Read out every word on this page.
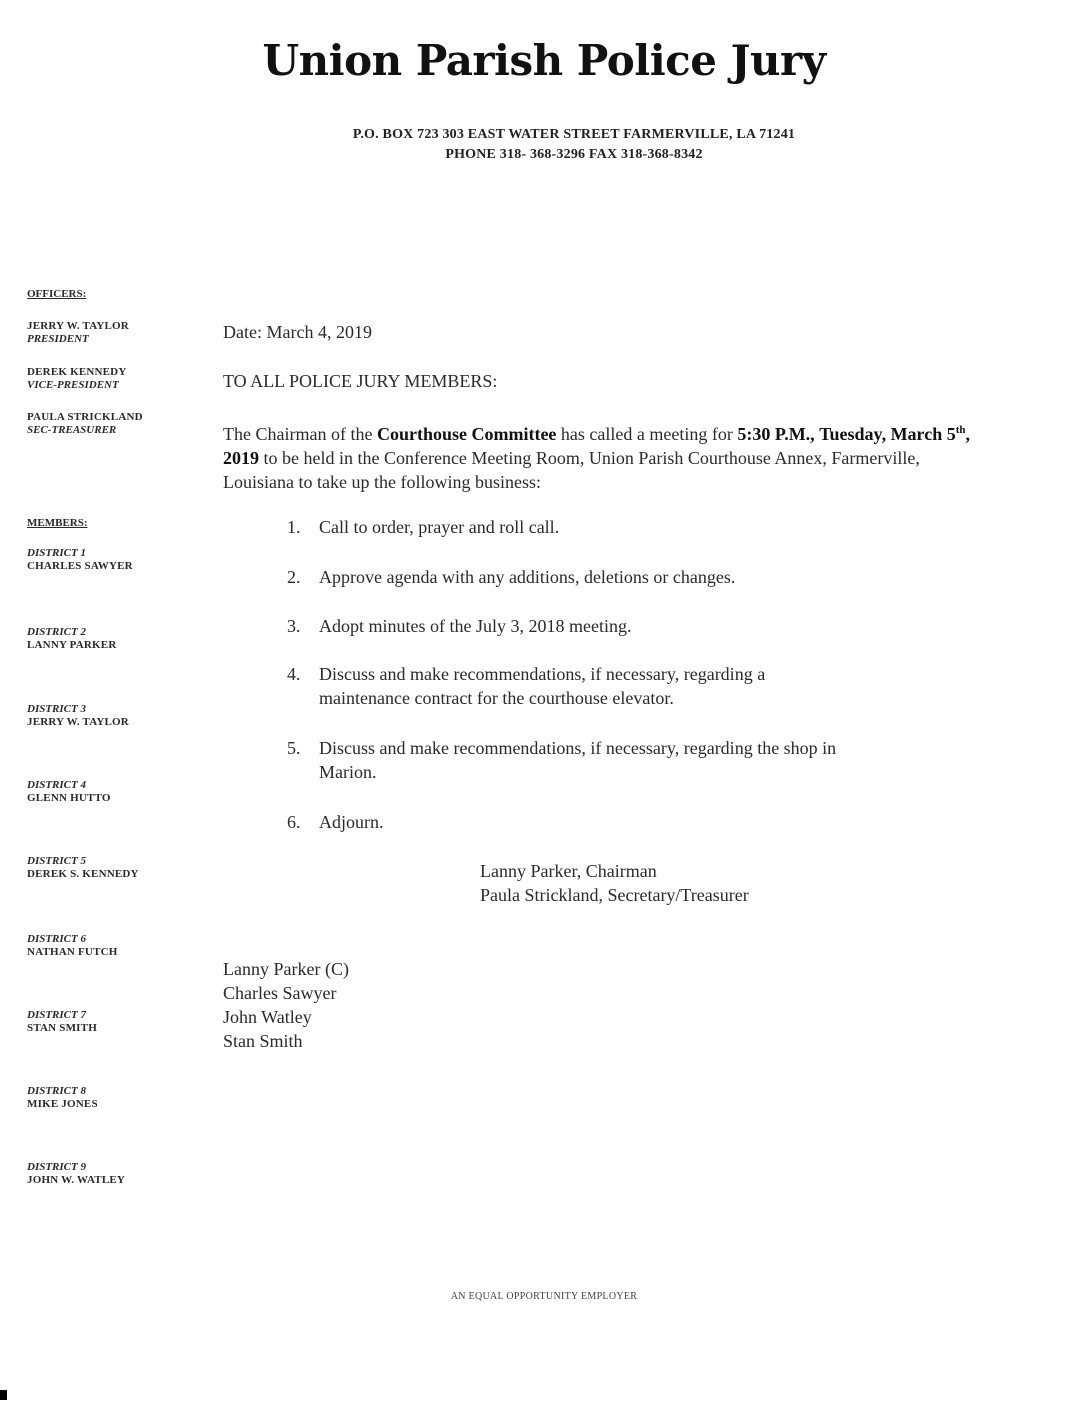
Union Parish Police Jury
P.O. BOX 723 303 EAST WATER STREET FARMERVILLE, LA 71241
PHONE 318- 368-3296 FAX 318-368-8342
OFFICERS:
JERRY W. TAYLOR
PRESIDENT
DEREK KENNEDY
VICE-PRESIDENT
PAULA STRICKLAND
SEC-TREASURER
MEMBERS:
DISTRICT 1
CHARLES SAWYER
DISTRICT 2
LANNY PARKER
DISTRICT 3
JERRY W. TAYLOR
DISTRICT 4
GLENN HUTTO
DISTRICT 5
DEREK S. KENNEDY
DISTRICT 6
NATHAN FUTCH
DISTRICT 7
STAN SMITH
DISTRICT 8
MIKE JONES
DISTRICT 9
JOHN W. WATLEY
Date: March 4, 2019
TO ALL POLICE JURY MEMBERS:
The Chairman of the Courthouse Committee has called a meeting for 5:30 P.M., Tuesday, March 5th, 2019 to be held in the Conference Meeting Room, Union Parish Courthouse Annex, Farmerville, Louisiana to take up the following business:
1. Call to order, prayer and roll call.
2. Approve agenda with any additions, deletions or changes.
3. Adopt minutes of the July 3, 2018 meeting.
4. Discuss and make recommendations, if necessary, regarding a
maintenance contract for the courthouse elevator.
5. Discuss and make recommendations, if necessary, regarding the shop in
Marion.
6. Adjourn.
Lanny Parker, Chairman
Paula Strickland, Secretary/Treasurer
Lanny Parker (C)
Charles Sawyer
John Watley
Stan Smith
AN EQUAL OPPORTUNITY EMPLOYER
